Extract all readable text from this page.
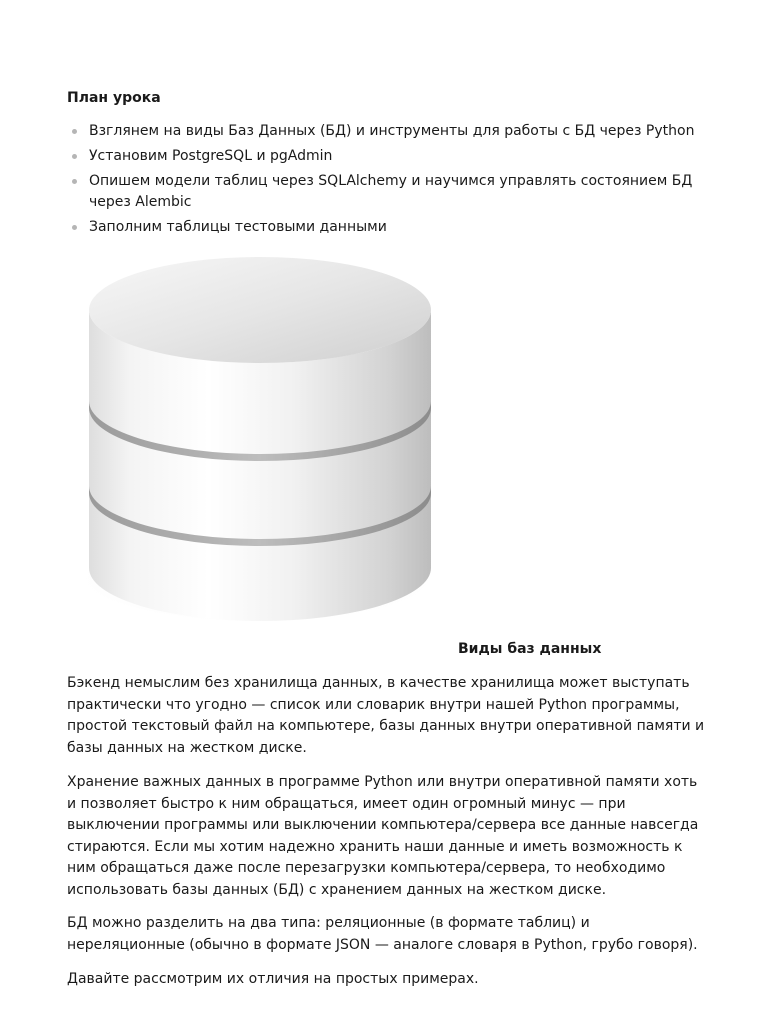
План урока
Взглянем на виды Баз Данных (БД) и инструменты для работы с БД через Python
Установим PostgreSQL и pgAdmin
Опишем модели таблиц через SQLAlchemy и научимся управлять состоянием БД через Alembic
Заполним таблицы тестовыми данными

Виды баз данных

Бэкенд немыслим без хранилища данных, в качестве хранилища может выступать практически что угодно — список или словарик внутри нашей Python программы, простой текстовый файл на компьютере, базы данных внутри оперативной памяти и базы данных на жестком диске.

Хранение важных данных в программе Python или внутри оперативной памяти хоть и позволяет быстро к ним обращаться, имеет один огромный минус — при выключении программы или выключении компьютера/сервера все данные навсегда стираются. Если мы хотим надежно хранить наши данные и иметь возможность к ним обращаться даже после перезагрузки компьютера/сервера, то необходимо использовать базы данных (БД) с хранением данных на жестком диске.

БД можно разделить на два типа: реляционные (в формате таблиц) и нереляционные (обычно в формате JSON — аналоге словаря в Python, грубо говоря).

Давайте рассмотрим их отличия на простых примерах.
